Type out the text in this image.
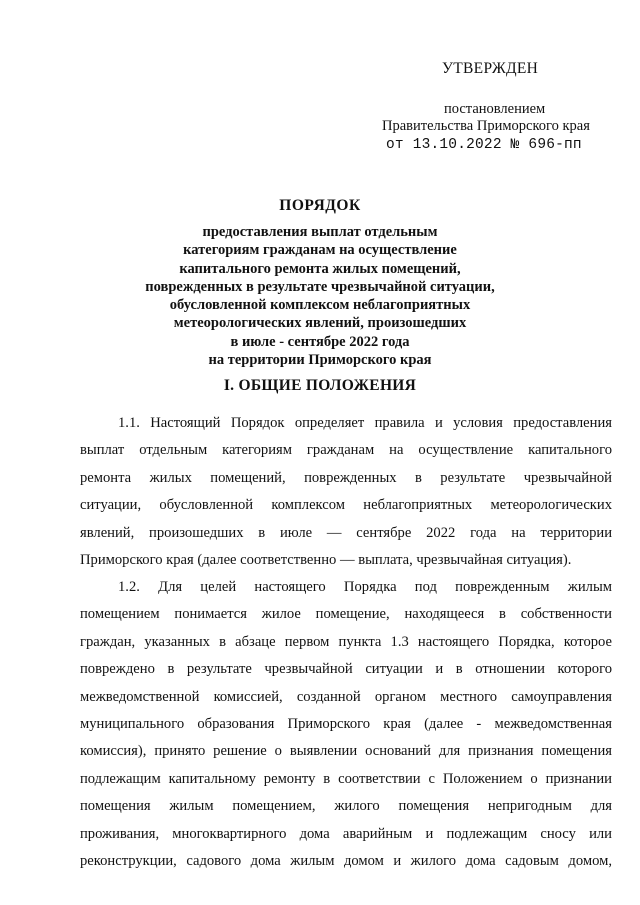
УТВЕРЖДЕН
постановлением
Правительства Приморского края
от 13.10.2022 № 696-пп
ПОРЯДОК
предоставления выплат отдельным
категориям гражданам на осуществление
капитального ремонта жилых помещений,
поврежденных в результате чрезвычайной ситуации,
обусловленной комплексом неблагоприятных
метеорологических явлений, произошедших
в июле - сентябре 2022 года
на территории Приморского края
I. ОБЩИЕ ПОЛОЖЕНИЯ
1.1. Настоящий Порядок определяет правила и условия предоставления
выплат отдельным категориям гражданам на осуществление капитального
ремонта жилых помещений, поврежденных в результате чрезвычайной
ситуации, обусловленной комплексом неблагоприятных метеорологических
явлений, произошедших в июле — сентябре 2022 года на территории
Приморского края (далее соответственно — выплата, чрезвычайная ситуация).
1.2. Для целей настоящего Порядка под поврежденным жилым
помещением понимается жилое помещение, находящееся в собственности
граждан, указанных в абзаце первом пункта 1.3 настоящего Порядка, которое
повреждено в результате чрезвычайной ситуации и в отношении которого
межведомственной комиссией, созданной органом местного самоуправления
муниципального образования Приморского края (далее - межведомственная
комиссия), принято решение о выявлении оснований для признания помещения
подлежащим капитальному ремонту в соответствии с Положением о признании
помещения жилым помещением, жилого помещения непригодным для
проживания, многоквартирного дома аварийным и подлежащим сносу или
реконструкции, садового дома жилым домом и жилого дома садовым домом,
